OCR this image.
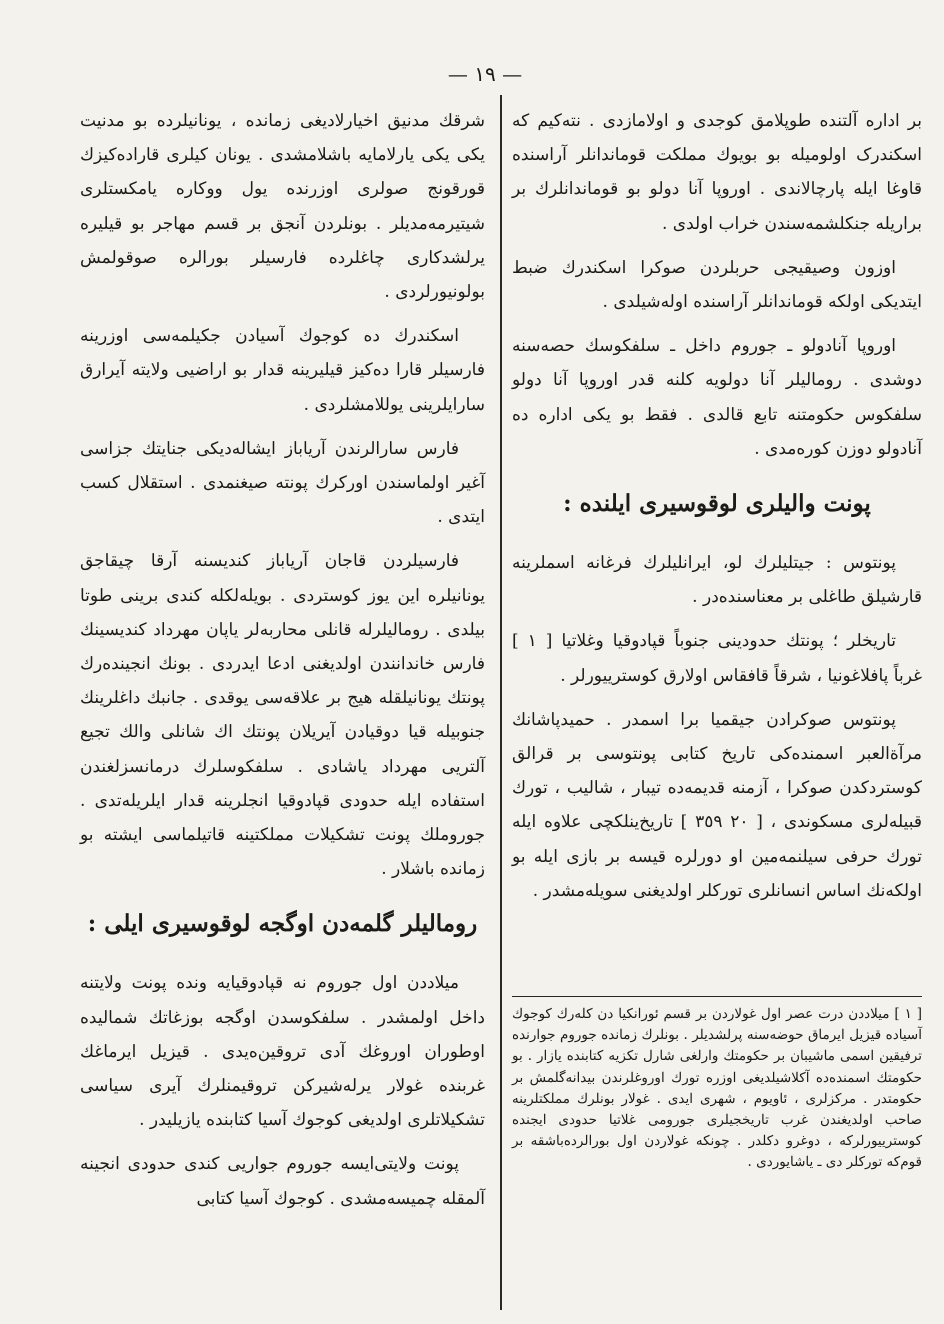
— ١٩ —

بر اداره آلتنده طوپلامق کوجدی و اولامازدی . نته‌کیم که اسکندرک اولومیله بو بویوك مملکت قوماندانلر آراسنده قاوغا ایله پارچالاندی . اوروپا آنا دولو بو قوماندانلرك بر براریله جنکلشمه‌سندن خراب اولدی .

اوزون وصیقیجی حربلردن صوکرا اسکندرك ضبط ایتدیکی اولکه قوماندانلر آراسنده اولەشیلدی .

اوروپا آنادولو ـ جوروم داخل ـ سلفکوسك حصه‌سنه دوشدی . روماليلر آنا دولویه کلنه قدر اوروپا آنا دولو سلفکوس حکومتنه تابع قالدی . فقط بو یکی اداره ده آنادولو دوزن کوره‌مدی .

پونت واليلری لوقوسيری ايلنده :

پونتوس : جیتلیلرك لو، ایرانلیلرك فرغانه اسملرینه قارشیلق طاغلی بر معناسنده‌در .

تاریخلر ؛ پونتك حدودینی جنوباً قپادوقیا وغلاتیا [ ١ ] غرباً پافلاغونیا ، شرقاً قافقاس اولارق کوسترییورلر .

پونتوس صوکرادن جیقمیا برا اسمدر . حمیدپاشانك مرآةالعبر اسمنده‌کی تاریخ کتابی پونتوسی بر قرالق کوستردکدن صوکرا ، آزمنه قدیمه‌ده تیبار ، شالیب ، تورك قبیله‌لری مسکوندی ، [ ٢٠ ٣٥٩ ] تاریخ‌ینلکچی علاوه ایله تورك حرفی سیلنمه‌مین او دورلره قیسه بر بازی ایله بو اولکه‌نك اساس انسانلری تورکلر اولدیغنی سویله‌مشدر .

[ ١ ] میلاددن درت عصر اول غولاردن بر قسم ئورانکیا دن کلەرك کوجوك آسياده قيزيل ايرماق حوضه‌سنه پرلشديلر . بونلرك زمانده جوروم جوارنده ترفيقين اسمی ماشیبان بر حکومتك وارلغی شارل تکزیه کتابنده یازار . بو حکومتك اسمنده‌ده آکلاشیلدیغی اوزره تورك اوروغلرندن بیدانه‌گلمش بر حکومتدر . مرکزلری ، ئاویوم ، شهری ایدی . غولار بونلرك مملکتلرینه صاحب اولدیغندن غرب تاریخجیلری جورومی غلاتیا حدودی ایجنده کوسترییورلرکه ، دوغرو دکلدر . چونکه غولاردن اول بورالرده‌باشقه بر قوم‌که تورکلر دی ـ یاشایوردی .

شرقك مدنيق اخيارلاديغی زمانده ، يونانيلرده بو مدنيت يکی يکی يارلامايه باشلامشدی . يونان کيلری قاراده‌کيزك قورقونج صولری اوزرنده يول ووکاره يامکستلری شيتيرمه‌مديلر . بونلردن آنجق بر قسم مهاجر بو قيليره يرلشدکاری چاغلرده فارسيلر بورالره صوقولمش بولونيورلردی .

اسکندرك ده کوجوك آسيادن جکيلمه‌سی اوزرينه فارسيلر قارا ده‌کيز قيليرينه قدار بو اراضیی ولايته آيرارق سارايلرينی يوللامشلردی .

فارس سارالرندن آرياباز ايشاله‌ديکی جنايتك جزاسی آغير اولماسندن اورکرك پونته صيغنمدی . استقلال کسب ايتدی .

فارسيلردن قاجان آرياباز کنديسنه آرقا چيقاجق يونانيلره اين يوز کوستردی . بويله‌لکله کندی برينی طوتا بيلدی . روماليلرله قانلی محاربه‌لر ياپان مهرداد کنديسينك فارس خاندانندن اولديغنی ادعا ايدردی . بونك انجينده‌رك پونتك يونانيلقله هيج بر علاقه‌سی يوقدی . جانبك داغلرينك جنوبيله قيا دوقيادن آيريلان پونتك اك شانلی والك تجيع آلتريی مهرداد ياشادی . سلفکوسلرك درمانسزلغندن استفاده ايله حدودی قپادوقيا انجلرينه قدار ايلريله‌تدی . جوروملك پونت تشکيلات مملکتينه قاتيلماسی ايشته بو زمانده باشلار .

روماليلر گلمه‌دن اوگجه لوقوسيری ايلی :

ميلاددن اول جوروم نه قپادوقيايه ونده پونت ولايتنه داخل اولمشدر . سلفکوسدن اوگجه بوزغاتك شماليده اوطوران اوروغك آدی تروقين‌ه‌يدی . قيزيل ايرماغك غربنده غولار يرله‌شيرکن تروقيمنلرك آيری سياسی تشکيلاتلری اولديغی کوجوك آسيا کتابنده يازيليدر .

پونت ولايتی‌ايسه جوروم جواريی کندی حدودی انجينه آلمقله چميسه‌مشدی . کوجوك آسيا کتابی
